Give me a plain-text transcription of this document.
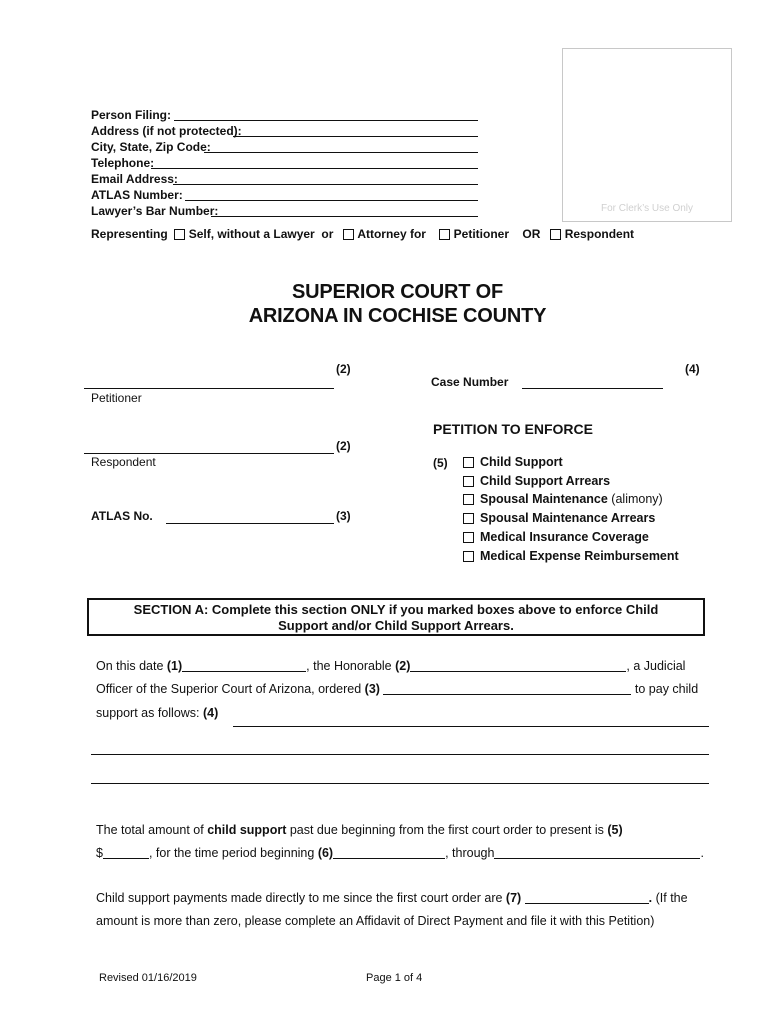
For Clerk’s Use Only
Person Filing:
Address (if not protected):
City, State, Zip Code:
Telephone:
Email Address:
ATLAS Number:
Lawyer’s Bar Number:
Representing Self, without a Lawyer or Attorney for Petitioner OR Respondent
SUPERIOR COURT OF
ARIZONA IN COCHISE COUNTY
(2)
Petitioner
(2)
Respondent
ATLAS No.	(3)
(4)
Case Number
PETITION TO ENFORCE
(5)	Child Support
Child Support Arrears
Spousal Maintenance (alimony)
Spousal Maintenance Arrears
Medical Insurance Coverage
Medical Expense Reimbursement
SECTION A: Complete this section ONLY if you marked boxes above to enforce Child
Support and/or Child Support Arrears.
On this date (1)	, the Honorable (2)	, a Judicial
Officer of the Superior Court of Arizona, ordered (3)	to pay child
support as follows: (4)
The total amount of child support past due beginning from the first court order to present is (5)
$	, for the time period beginning (6)	, through	.
Child support payments made directly to me since the first court order are (7)	. (If the
amount is more than zero, please complete an Affidavit of Direct Payment and file it with this Petition)
Revised 01/16/2019	Page 1 of 4
